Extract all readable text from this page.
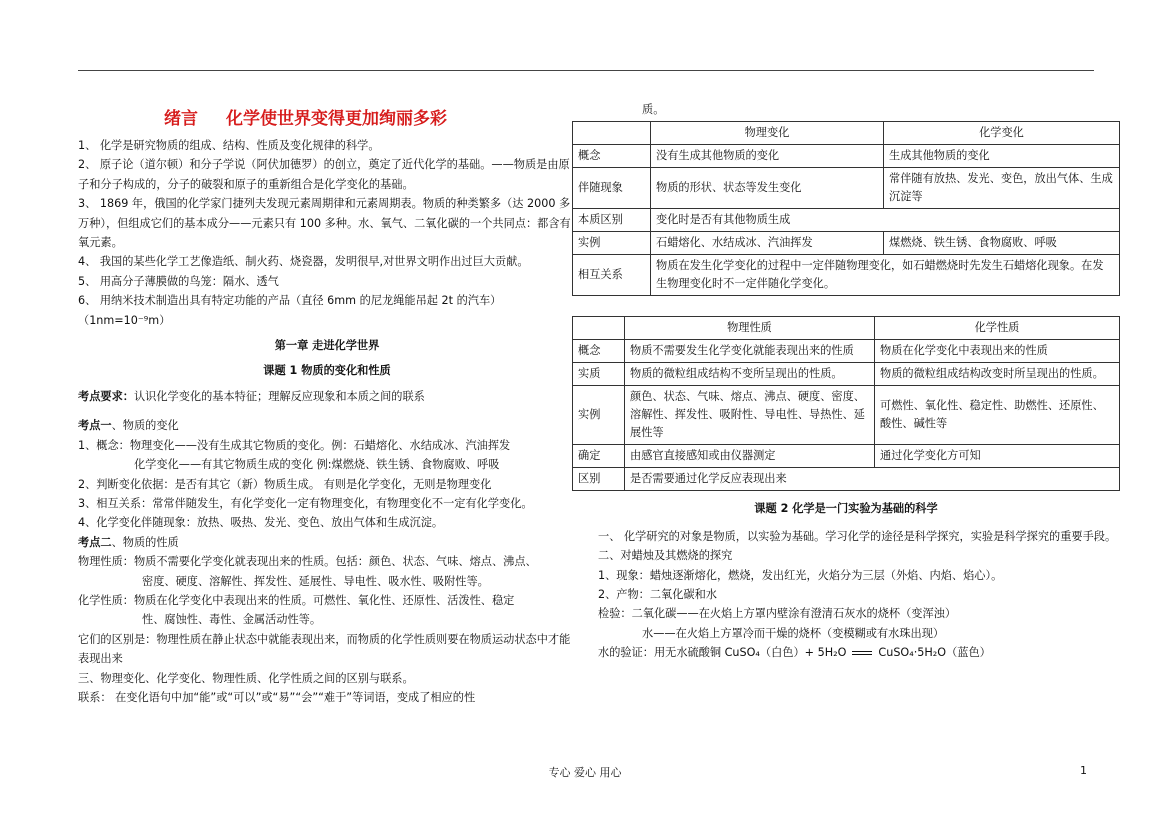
绪言 化学使世界变得更加绚丽多彩

1、 化学是研究物质的组成、结构、性质及变化规律的科学。

2、 原子论（道尔顿）和分子学说（阿伏加德罗）的创立，奠定了近代化学的基础。——物质是由原子和分子构成的，分子的破裂和原子的重新组合是化学变化的基础。

3、 1869 年，俄国的化学家门捷列夫发现元素周期律和元素周期表。物质的种类繁多（达 2000 多万种），但组成它们的基本成分——元素只有 100 多种。水、氧气、二氧化碳的一个共同点：都含有氧元素。

4、 我国的某些化学工艺像造纸、制火药、烧瓷器，发明很早,对世界文明作出过巨大贡献。

5、 用高分子薄膜做的鸟笼：隔水、透气

6、 用纳米技术制造出具有特定功能的产品（直径 6mm 的尼龙绳能吊起 2t 的汽车）

（1nm=10⁻⁹m）

第一章 走进化学世界

课题 1 物质的变化和性质

考点要求：认识化学变化的基本特征；理解反应现象和本质之间的联系

考点一、物质的变化

1、概念：物理变化——没有生成其它物质的变化。例：石蜡熔化、水结成冰、汽油挥发

化学变化——有其它物质生成的变化 例:煤燃烧、铁生锈、食物腐败、呼吸

2、判断变化依据：是否有其它（新）物质生成。 有则是化学变化，无则是物理变化

3、相互关系：常常伴随发生，有化学变化一定有物理变化，有物理变化不一定有化学变化。

4、化学变化伴随现象：放热、吸热、发光、变色、放出气体和生成沉淀。

考点二、物质的性质

物理性质：物质不需要化学变化就表现出来的性质。包括：颜色、状态、气味、熔点、沸点、

密度、硬度、溶解性、挥发性、延展性、导电性、吸水性、吸附性等。

化学性质：物质在化学变化中表现出来的性质。可燃性、氧化性、还原性、活泼性、稳定

性、腐蚀性、毒性、金属活动性等。

它们的区别是：物理性质在静止状态中就能表现出来，而物质的化学性质则要在物质运动状态中才能表现出来

三、物理变化、化学变化、物理性质、化学性质之间的区别与联系。

联系： 在变化语句中加“能”或“可以”或“易”“会”“难于”等词语，变成了相应的性

质。

	物理变化	化学变化
概念	没有生成其他物质的变化	生成其他物质的变化
伴随现象	物质的形状、状态等发生变化	常伴随有放热、发光、变色，放出气体、生成沉淀等
本质区别	变化时是否有其他物质生成	
实例	石蜡熔化、水结成冰、汽油挥发	煤燃烧、铁生锈、食物腐败、呼吸
相互关系	物质在发生化学变化的过程中一定伴随物理变化，如石蜡燃烧时先发生石蜡熔化现象。在发生物理变化时不一定伴随化学变化。	
	物理性质	化学性质
概念	物质不需要发生化学变化就能表现出来的性质	物质在化学变化中表现出来的性质
实质	物质的微粒组成结构不变所呈现出的性质。	物质的微粒组成结构改变时所呈现出的性质。
实例	颜色、状态、气味、熔点、沸点、硬度、密度、溶解性、挥发性、吸附性、导电性、导热性、延展性等	可燃性、氧化性、稳定性、助燃性、还原性、酸性、碱性等
确定	由感官直接感知或由仪器测定	通过化学变化方可知
区别	是否需要通过化学反应表现出来	

课题 2 化学是一门实验为基础的科学

一、 化学研究的对象是物质，以实验为基础。学习化学的途径是科学探究，实验是科学探究的重要手段。

二、对蜡烛及其燃烧的探究

1、现象：蜡烛逐渐熔化，燃烧，发出红光，火焰分为三层（外焰、内焰、焰心）。

2、产物：二氧化碳和水

检验：二氧化碳——在火焰上方罩内壁涂有澄清石灰水的烧杯（变浑浊）

水——在火焰上方罩冷而干燥的烧杯（变模糊或有水珠出现）

水的验证：用无水硫酸铜 CuSO₄（白色）+ 5H₂O	CuSO₄·5H₂O（蓝色）

专心 爱心 用心	1
